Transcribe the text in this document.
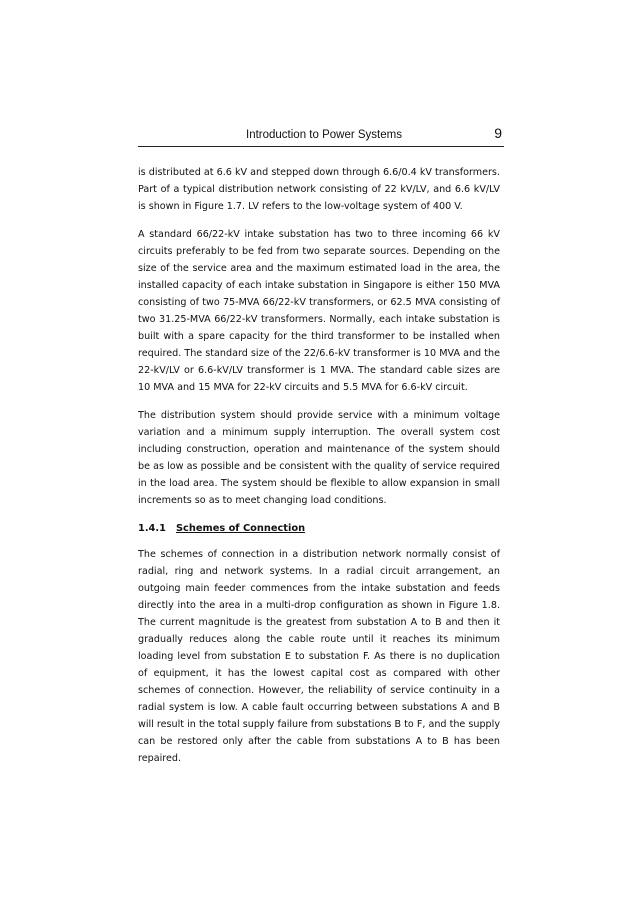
Introduction to Power Systems	9

is distributed at 6.6 kV and stepped down through 6.6/0.4 kV transformers. Part of a typical distribution network consisting of 22 kV/LV, and 6.6 kV/LV is shown in Figure 1.7. LV refers to the low-voltage system of 400 V.

A standard 66/22-kV intake substation has two to three incoming 66 kV circuits preferably to be fed from two separate sources. Depending on the size of the service area and the maximum estimated load in the area, the installed capacity of each intake substation in Singapore is either 150 MVA consisting of two 75-MVA 66/22-kV transformers, or 62.5 MVA consisting of two 31.25-MVA 66/22-kV transformers. Normally, each intake substation is built with a spare capacity for the third transformer to be installed when required. The standard size of the 22/6.6-kV transformer is 10 MVA and the 22-kV/LV or 6.6-kV/LV transformer is 1 MVA. The standard cable sizes are 10 MVA and 15 MVA for 22-kV circuits and 5.5 MVA for 6.6-kV circuit.

The distribution system should provide service with a minimum voltage variation and a minimum supply interruption. The overall system cost including construction, operation and maintenance of the system should be as low as possible and be consistent with the quality of service required in the load area. The system should be flexible to allow expansion in small increments so as to meet changing load conditions.

1.4.1 Schemes of Connection

The schemes of connection in a distribution network normally consist of radial, ring and network systems. In a radial circuit arrangement, an outgoing main feeder commences from the intake substation and feeds directly into the area in a multi-drop configuration as shown in Figure 1.8. The current magnitude is the greatest from substation A to B and then it gradually reduces along the cable route until it reaches its minimum loading level from substation E to substation F. As there is no duplication of equipment, it has the lowest capital cost as compared with other schemes of connection. However, the reliability of service continuity in a radial system is low. A cable fault occurring between substations A and B will result in the total supply failure from substations B to F, and the supply can be restored only after the cable from substations A to B has been repaired.
